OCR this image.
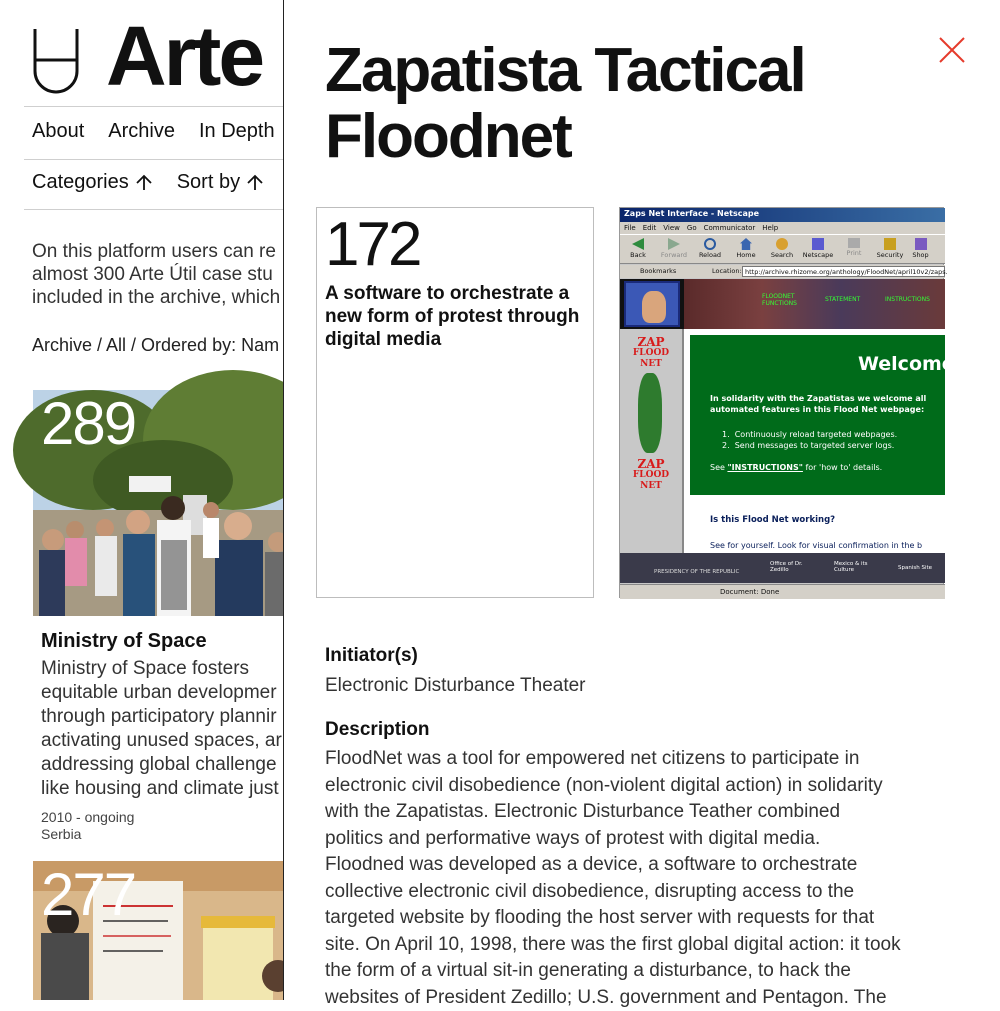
Arte
About Archive In Depth
Categories Sort by
On this platform users can re
almost 300 Arte Útil case stu
included in the archive, which
Archive / All / Ordered by: Nam
289
Ministry of Space
Ministry of Space fosters
equitable urban developmer
through participatory plannir
activating unused spaces, ar
addressing global challenge
like housing and climate just
2010 - ongoing
Serbia
277
Zapatista Tactical Floodnet
172
A software to orchestrate a new form of protest through digital media
Zaps Net Interface - Netscape
File Edit View Go Communicator Help
Back	Forward	Reload	Home	Search	Netscape	Print	Security	Shop
Bookmarks	Location: http://archive.rhizome.org/anthology/FloodNet/april10v2/zaps.
FLOODNET FUNCTIONS
STATEMENT	INSTRUCTIONS
ZAP
FLOOD
NET
ZAP
FLOOD
NET
Welcome
In solidarity with the Zapatistas we welcome all automated features in this Flood Net webpage:
1.  Continuously reload targeted webpages.
2.  Send messages to targeted server logs.
See "INSTRUCTIONS" for 'how to' details.
Is this Flood Net working?
See for yourself. Look for visual confirmation in the b
PRESIDENCY OF THE REPUBLIC
Office of Dr. Zedillo
Mexico & its Culture	Spanish Site
Document: Done
Initiator(s)
Electronic Disturbance Theater
Description
FloodNet was a tool for empowered net citizens to participate in
electronic civil disobedience (non-violent digital action) in solidarity
with the Zapatistas. Electronic Disturbance Teather combined
politics and performative ways of protest with digital media.
Floodned was developed as a device, a software to orchestrate
collective electronic civil disobedience, disrupting access to the
targeted website by flooding the host server with requests for that
site. On April 10, 1998, there was the first global digital action: it took
the form of a virtual sit-in generating a disturbance, to hack the
websites of President Zedillo; U.S. government and Pentagon. The
